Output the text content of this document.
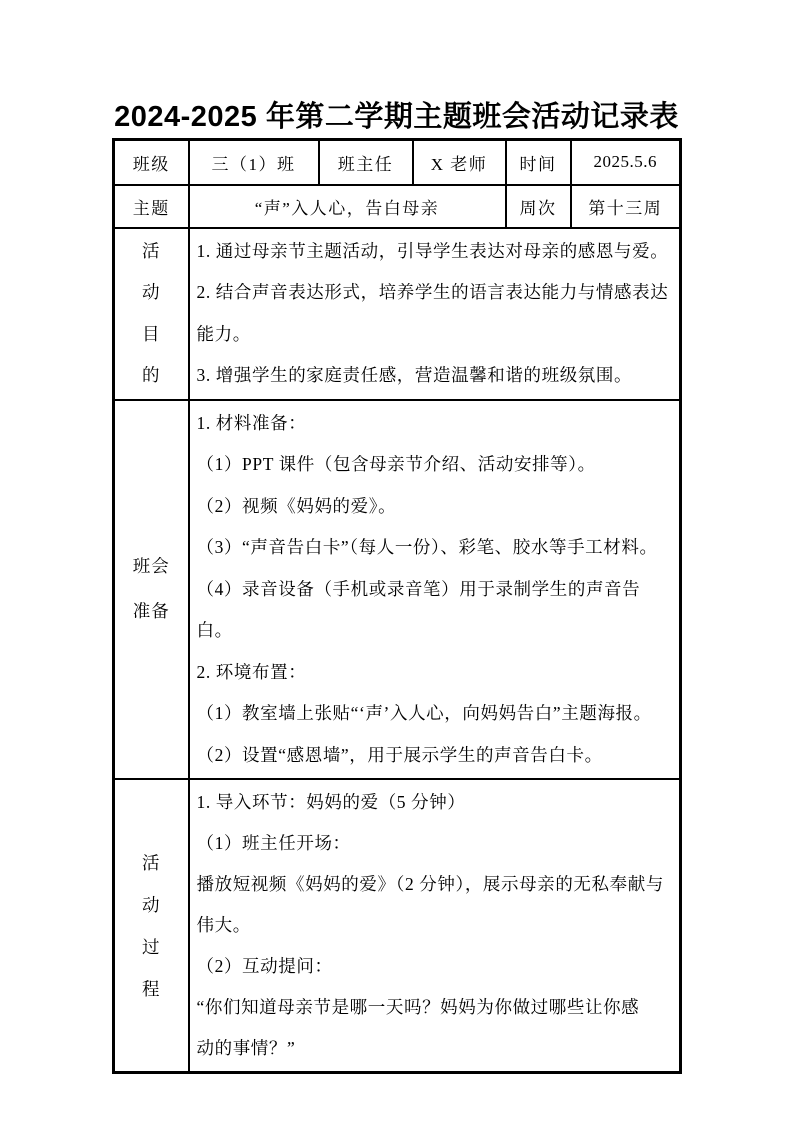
2024-2025 年第二学期主题班会活动记录表
班级	三（1）班	班主任	X 老师	时间	2025.5.6
主题	“声”入人心，告白母亲			周次	第十三周

活
动
目
的

1. 通过母亲节主题活动，引导学生表达对母亲的感恩与爱。
2. 结合声音表达形式，培养学生的语言表达能力与情感表达
能力。
3. 增强学生的家庭责任感，营造温馨和谐的班级氛围。

班会
准备

1. 材料准备：
（1）PPT 课件（包含母亲节介绍、活动安排等）。
（2）视频《妈妈的爱》。
（3）“声音告白卡”（每人一份）、彩笔、胶水等手工材料。
（4）录音设备（手机或录音笔）用于录制学生的声音告白。
2. 环境布置：
（1）教室墙上张贴“‘声’入人心，向妈妈告白”主题海报。
（2）设置“感恩墙”，用于展示学生的声音告白卡。

活
动
过
程

1. 导入环节：妈妈的爱（5 分钟）
（1）班主任开场：
播放短视频《妈妈的爱》（2 分钟），展示母亲的无私奉献与
伟大。
（2）互动提问：
“你们知道母亲节是哪一天吗？妈妈为你做过哪些让你感
动的事情？”
